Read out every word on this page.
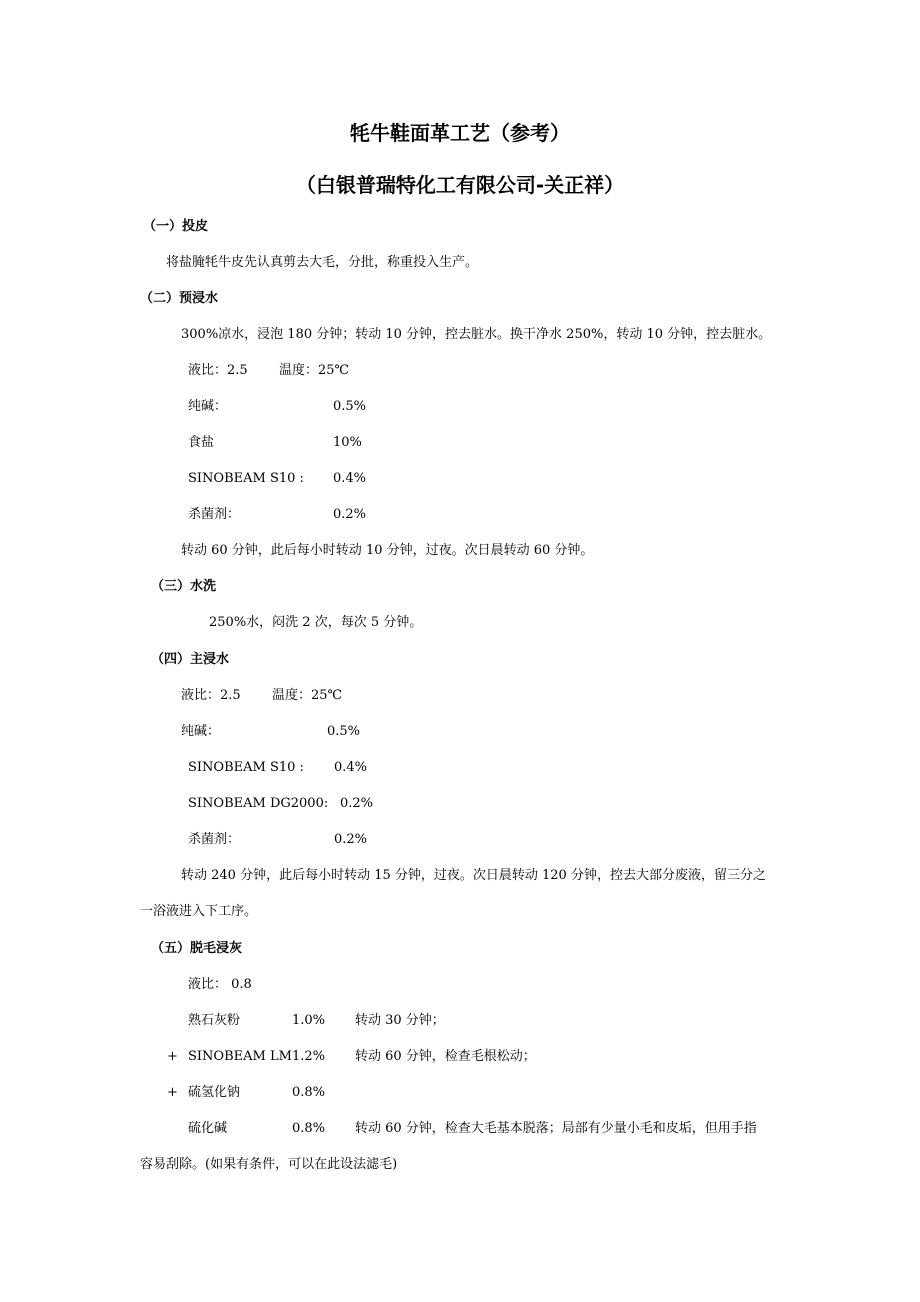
牦牛鞋面革工艺（参考）
（白银普瑞特化工有限公司-关正祥）
（一）投皮
将盐腌牦牛皮先认真剪去大毛，分批，称重投入生产。
（二）预浸水
300%凉水，浸泡 180 分钟；转动 10 分钟，控去脏水。换干净水 250%，转动 10 分钟，控去脏水。
液比：2.5 温度：25℃
纯碱：	0.5%
食盐	10%
SINOBEAM S10 : 0.4%
杀菌剂：	0.2%
转动 60 分钟，此后每小时转动 10 分钟，过夜。次日晨转动 60 分钟。
（三）水洗
250%水，闷洗 2 次，每次 5 分钟。
（四）主浸水
液比：2.5 温度：25℃
纯碱：	0.5%
SINOBEAM S10 : 0.4%
SINOBEAM DG2000: 0.2%
杀菌剂：	0.2%
转动 240 分钟，此后每小时转动 15 分钟，过夜。次日晨转动 120 分钟，控去大部分废液，留三分之
一浴液进入下工序。
（五）脱毛浸灰
液比： 0.8
熟石灰粉	1.0% 转动 30 分钟；
+ SINOBEAM LM 1.2% 转动 60 分钟，检查毛根松动；
+ 硫氢化钠	0.8%
硫化碱	0.8% 转动 60 分钟，检查大毛基本脱落；局部有少量小毛和皮垢，但用手指
容易刮除。(如果有条件，可以在此设法滤毛)
